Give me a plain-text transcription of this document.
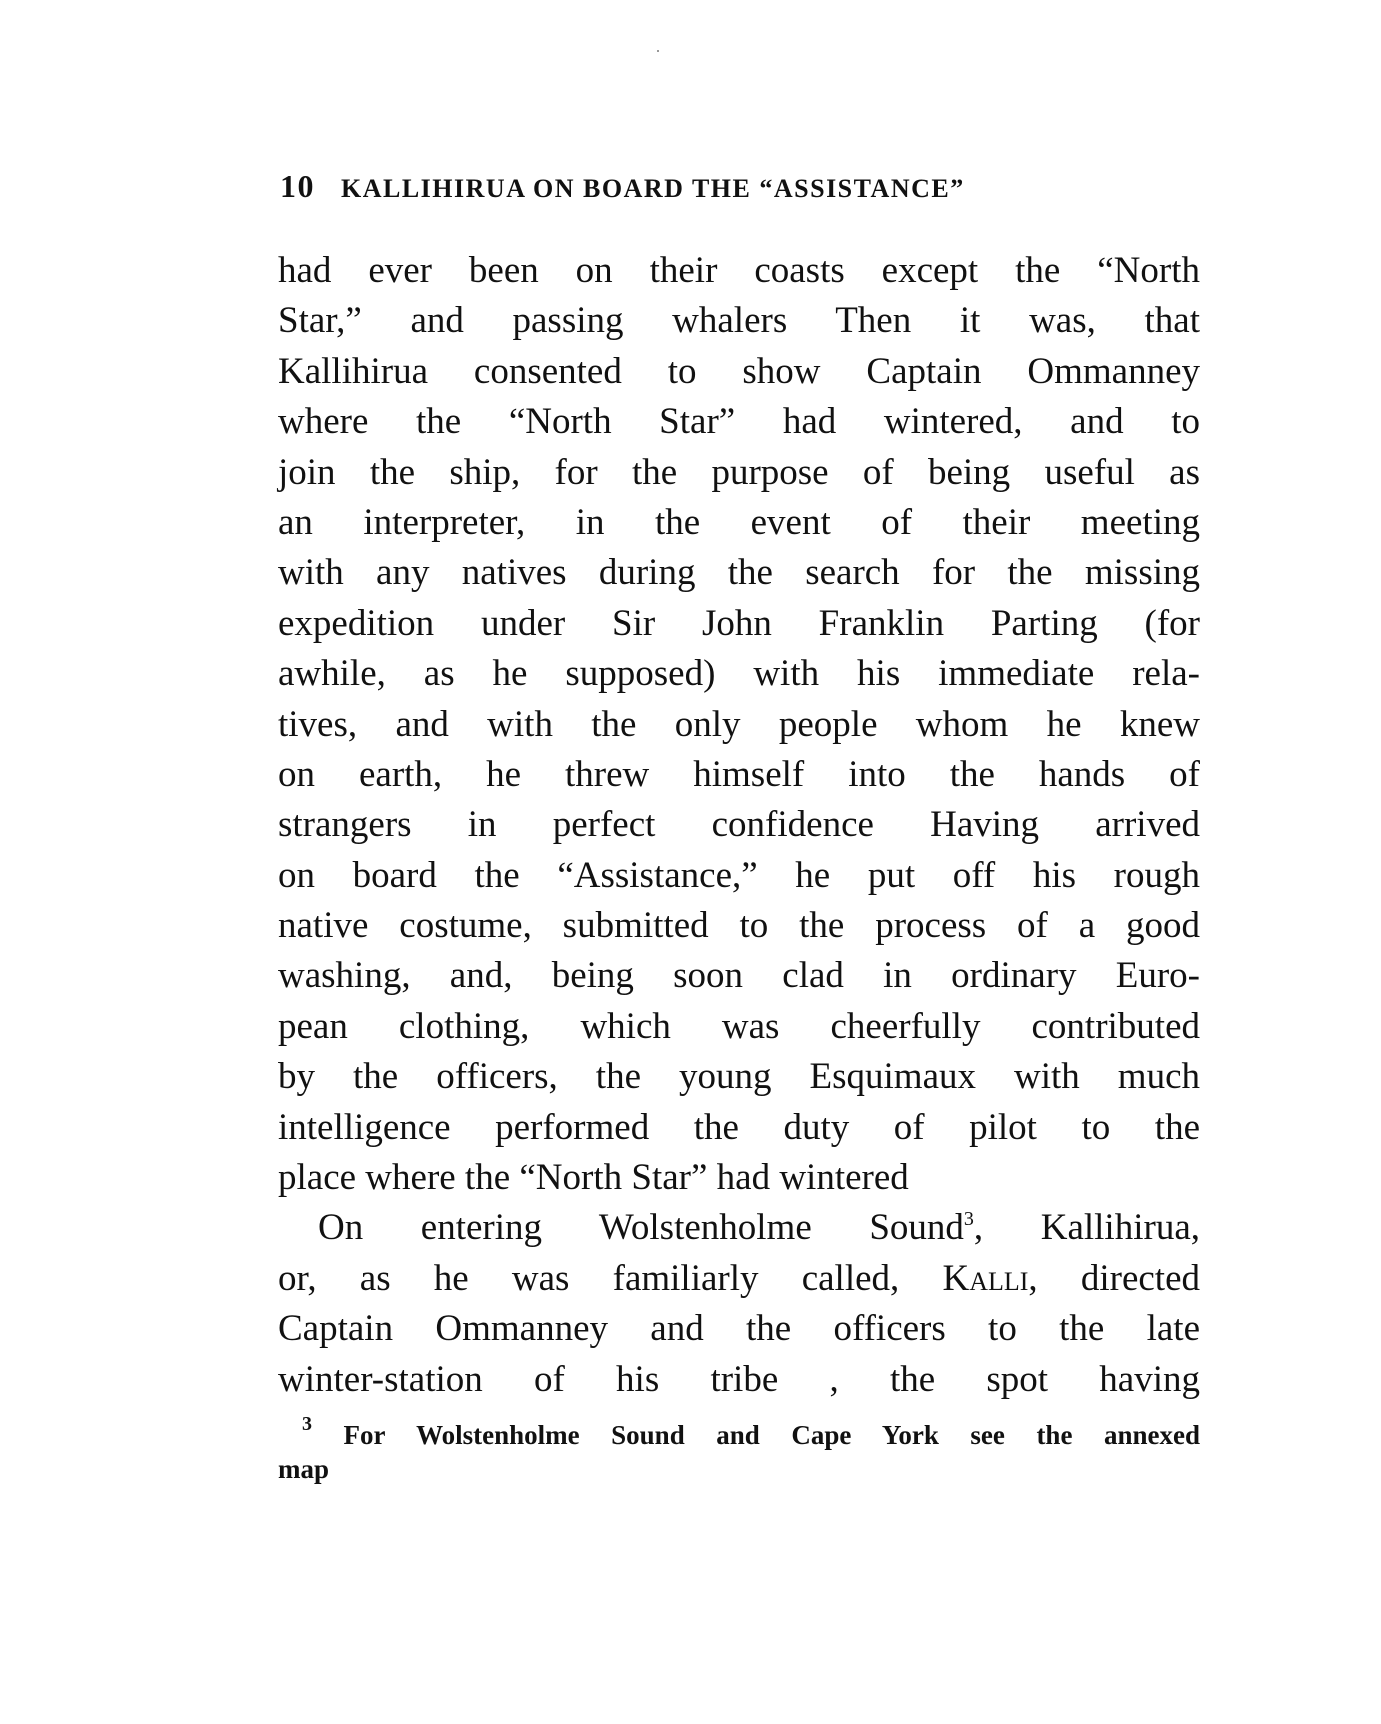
10 KALLIHIRUA ON BOARD THE “ASSISTANCE”
had ever been on their coasts except the “North
Star,” and passing whalers Then it was, that
Kallihirua consented to show Captain Ommanney
where the “North Star” had wintered, and to
join the ship, for the purpose of being useful as
an interpreter, in the event of their meeting
with any natives during the search for the missing
expedition under Sir John Franklin Parting (for
awhile, as he supposed) with his immediate rela-
tives, and with the only people whom he knew
on earth, he threw himself into the hands of
strangers in perfect confidence Having arrived
on board the “Assistance,” he put off his rough
native costume, submitted to the process of a good
washing, and, being soon clad in ordinary Euro-
pean clothing, which was cheerfully contributed
by the officers, the young Esquimaux with much
intelligence performed the duty of pilot to the
place where the “North Star” had wintered
On entering Wolstenholme Sound$^3$, Kallihirua,
or, as he was familiarly called, Kalli, directed
Captain Ommanney and the officers to the late
winter-station of his tribe , the spot having
$^3$ For Wolstenholme Sound and Cape York see the annexed
map
